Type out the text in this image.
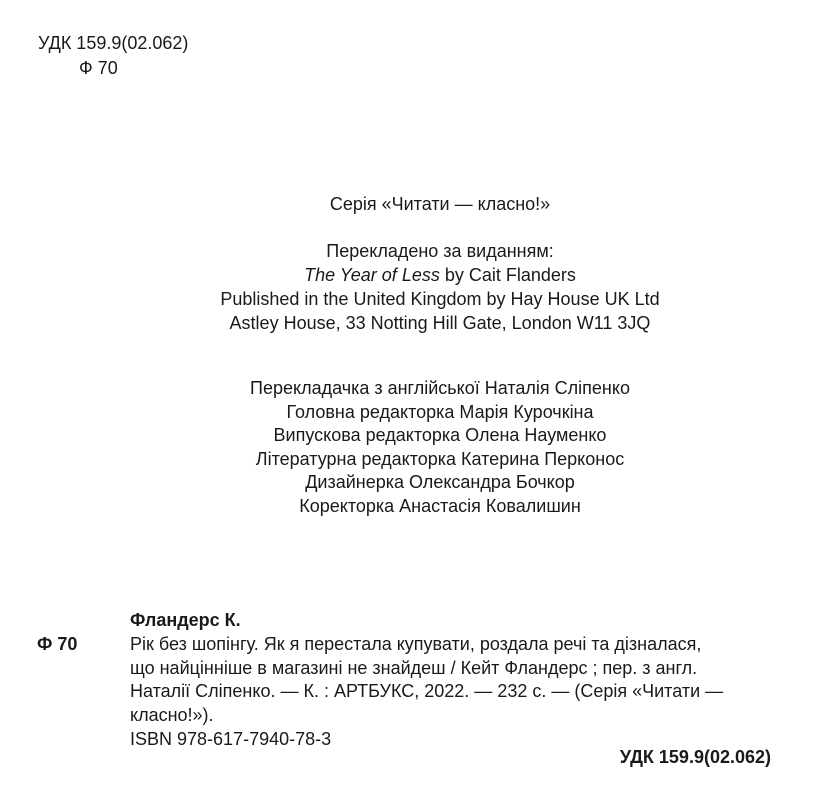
УДК 159.9(02.062)
Ф 70
Серія «Читати — класно!»
Перекладено за виданням:
The Year of Less by Cait Flanders
Published in the United Kingdom by Hay House UK Ltd
Astley House, 33 Notting Hill Gate, London W11 3JQ
Перекладачка з англійської Наталія Сліпенко
Головна редакторка Марія Курочкіна
Випускова редакторка Олена Науменко
Літературна редакторка Катерина Перконос
Дизайнерка Олександра Бочкор
Коректорка Анастасія Ковалишин
Фландерс К.
Ф 70	Рік без шопінгу. Як я перестала купувати, роздала речі та дізналася,
що найцінніше в магазині не знайдеш / Кейт Фландерс ; пер. з англ.
Наталії Сліпенко. — К. : АРТБУКС, 2022. — 232 с. — (Серія «Читати —
класно!»).
ISBN 978-617-7940-78-3
УДК 159.9(02.062)
